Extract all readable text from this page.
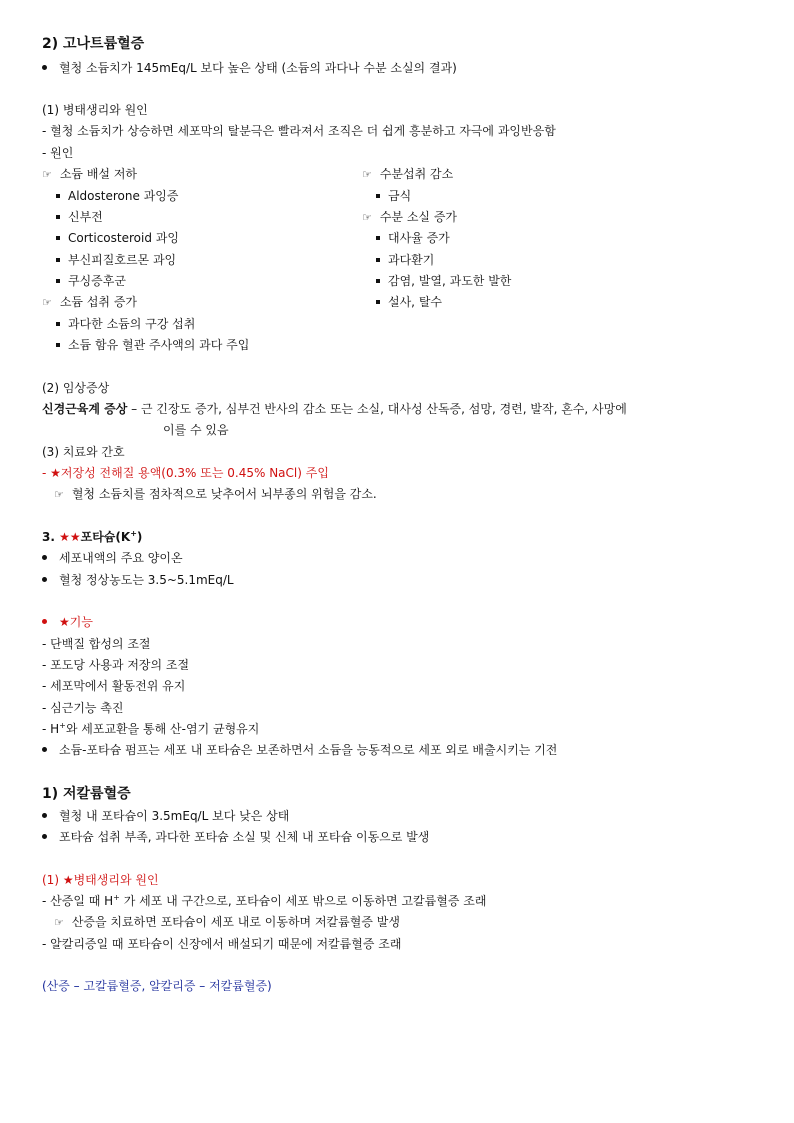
2) 고나트륨혈증
혈청 소듐치가 145mEq/L 보다 높은 상태 (소듐의 과다나 수분 소실의 결과)
(1) 병태생리와 원인
- 혈청 소듐치가 상승하면 세포막의 탈분극은 빨라져서 조직은 더 쉽게 흥분하고 자극에 과잉반응함
- 원인
☞ 소듐 배설 저하
Aldosterone 과잉증
신부전
Corticosteroid 과잉
부신피질호르몬 과잉
쿠싱증후군
☞ 소듐 섭취 증가
과다한 소듐의 구강 섭취
소듐 함유 혈관 주사액의 과다 주입
☞ 수분섭취 감소
금식
☞ 수분 소실 증가
대사율 증가
과다환기
감염, 발열, 과도한 발한
설사, 탈수
(2) 임상증상
신경근육계 증상 – 근 긴장도 증가, 심부건 반사의 감소 또는 소실, 대사성 산독증, 섬망, 경련, 발작, 혼수, 사망에
이를 수 있음
(3) 치료와 간호
- ★저장성 전해질 용액(0.3% 또는 0.45% NaCl) 주입
☞ 혈청 소듐치를 점차적으로 낮추어서 뇌부종의 위험을 감소.
3. ★★포타슘(K+)
세포내액의 주요 양이온
혈청 정상농도는 3.5~5.1mEq/L
★기능
- 단백질 합성의 조절
- 포도당 사용과 저장의 조절
- 세포막에서 활동전위 유지
- 심근기능 촉진
- H+와 세포교환을 통해 산-염기 균형유지
소듐-포타슘 펌프는 세포 내 포타슘은 보존하면서 소듐을 능동적으로 세포 외로 배출시키는 기전
1) 저칼륨혈증
혈청 내 포타슘이 3.5mEq/L 보다 낮은 상태
포타슘 섭취 부족, 과다한 포타슘 소실 및 신체 내 포타슘 이동으로 발생
(1) ★병태생리와 원인
- 산증일 때 H+ 가 세포 내 구간으로, 포타슘이 세포 밖으로 이동하면 고칼륨혈증 조래
☞ 산증을 치료하면 포타슘이 세포 내로 이동하며 저칼륨혈증 발생
- 알칼리증일 때 포타슘이 신장에서 배설되기 때문에 저칼륨혈증 조래
(산증 – 고칼륨혈증, 알칼리증 – 저칼륨혈증)
